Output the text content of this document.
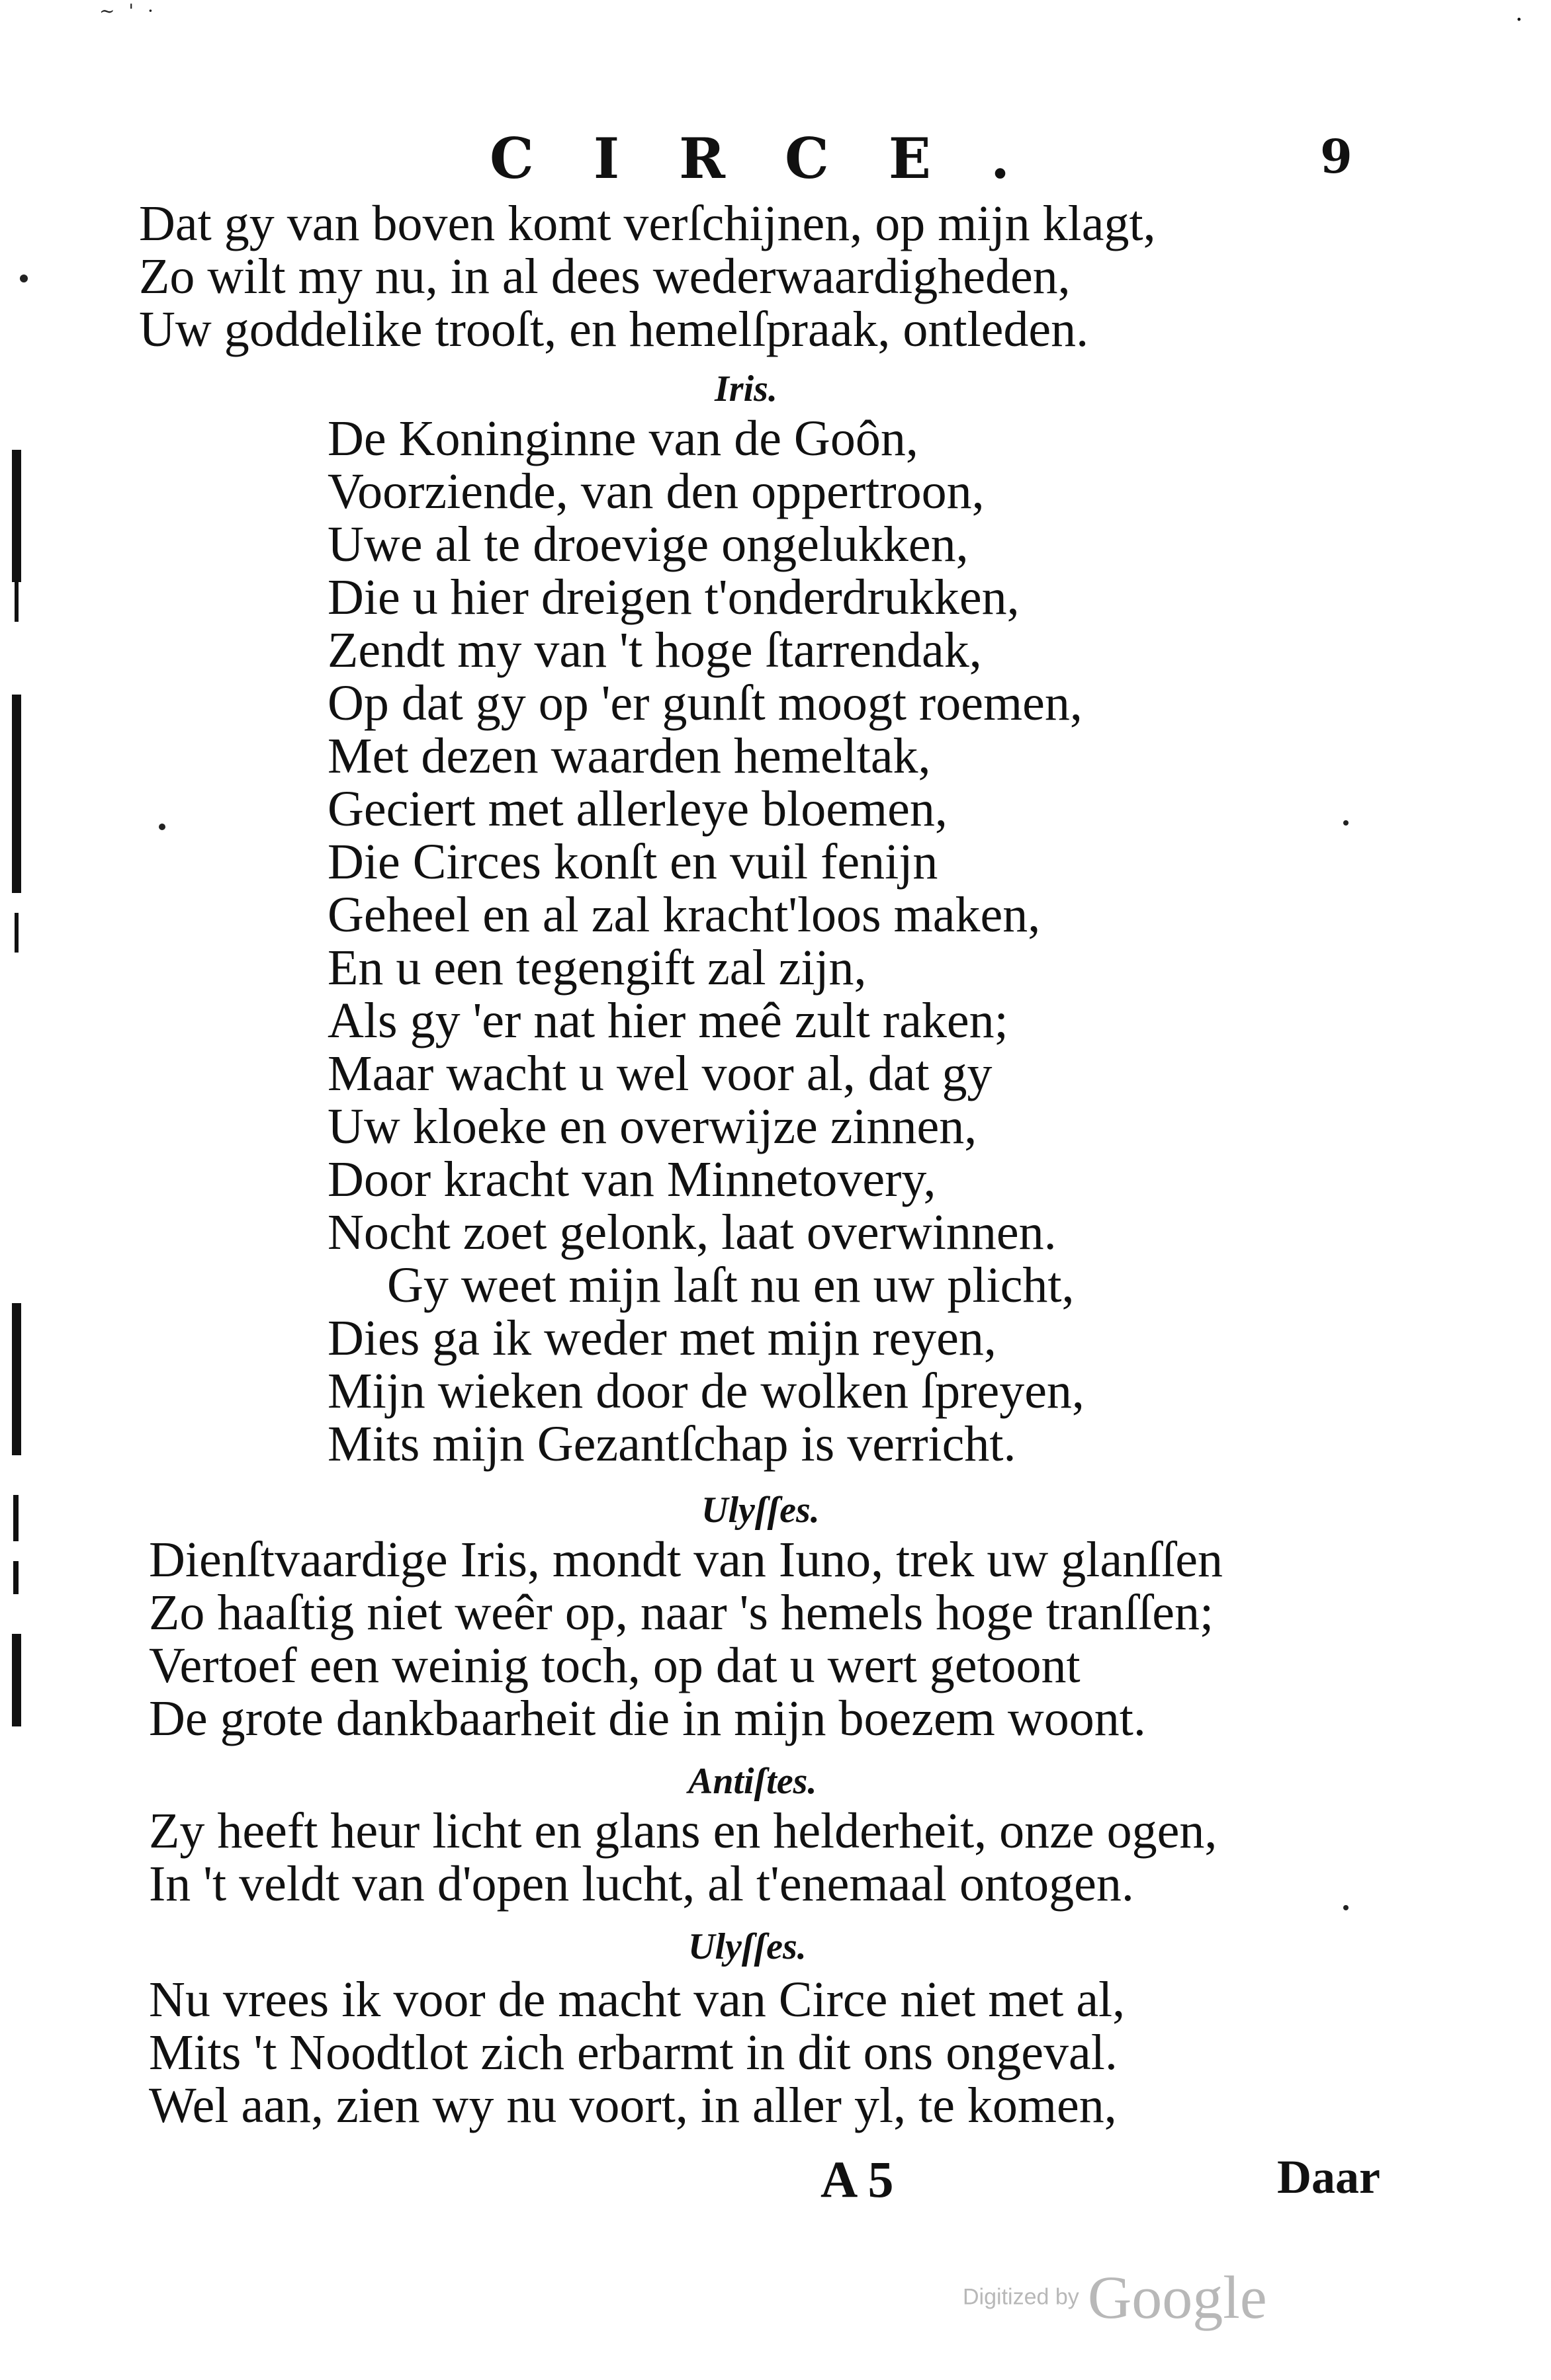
~ ' ·	·
CIRCE.	9
Dat gy van boven komt verſchijnen, op mijn klagt,
Zo wilt my nu, in al dees wederwaardigheden,
Uw goddelike trooſt, en hemelſpraak, ontleden.
Iris.
De Koninginne van de Goôn,
Voorziende, van den oppertroon,
Uwe al te droevige ongelukken,
Die u hier dreigen t'onderdrukken,
Zendt my van 't hoge ſtarrendak,
Op dat gy op 'er gunſt moogt roemen,
Met dezen waarden hemeltak,
Geciert met allerleye bloemen,
Die Circes konſt en vuil fenijn
Geheel en al zal kracht'loos maken,
En u een tegengift zal zijn,
Als gy 'er nat hier meê zult raken;
Maar wacht u wel voor al, dat gy
Uw kloeke en overwijze zinnen,
Door kracht van Minnetovery,
Nocht zoet gelonk, laat overwinnen.
Gy weet mijn laſt nu en uw plicht,
Dies ga ik weder met mijn reyen,
Mijn wieken door de wolken ſpreyen,
Mits mijn Gezantſchap is verricht.
Ulyſſes.
Dienſtvaardige Iris, mondt van Iuno, trek uw glanſſen
Zo haaſtig niet weêr op, naar 's hemels hoge tranſſen;
Vertoef een weinig toch, op dat u wert getoont
De grote dankbaarheit die in mijn boezem woont.
Antiſtes.
Zy heeft heur licht en glans en helderheit, onze ogen,
In 't veldt van d'open lucht, al t'enemaal ontogen.
Ulyſſes.
Nu vrees ik voor de macht van Circe niet met al,
Mits 't Noodtlot zich erbarmt in dit ons ongeval.
Wel aan, zien wy nu voort, in aller yl, te komen,
A 5	Daar
Digitized by Google
